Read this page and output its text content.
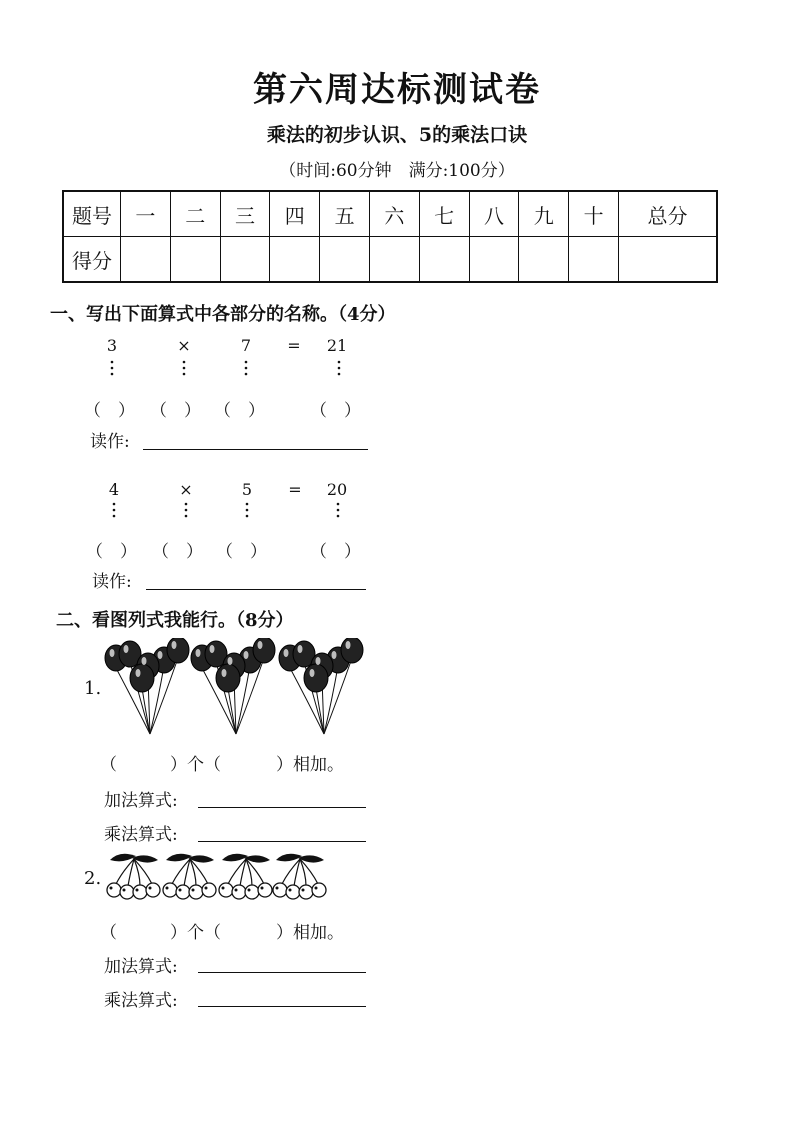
第六周达标测试卷
乘法的初步认识、5的乘法口诀
（时间:60分钟　满分:100分）
题号	一	二	三	四	五	六	七	八	九	十	总分
得分											
一、写出下面算式中各部分的名称。（4分）
3	×	7	=	21
（　） （　） （　）	（　）
读作:
4	×	5	=	20
（　） （　） （　）	（　）
读作:
二、看图列式我能行。（8分）
1.
（	）个（	）相加。
加法算式:
乘法算式:
2.
（	）个（	）相加。
加法算式:
乘法算式:
